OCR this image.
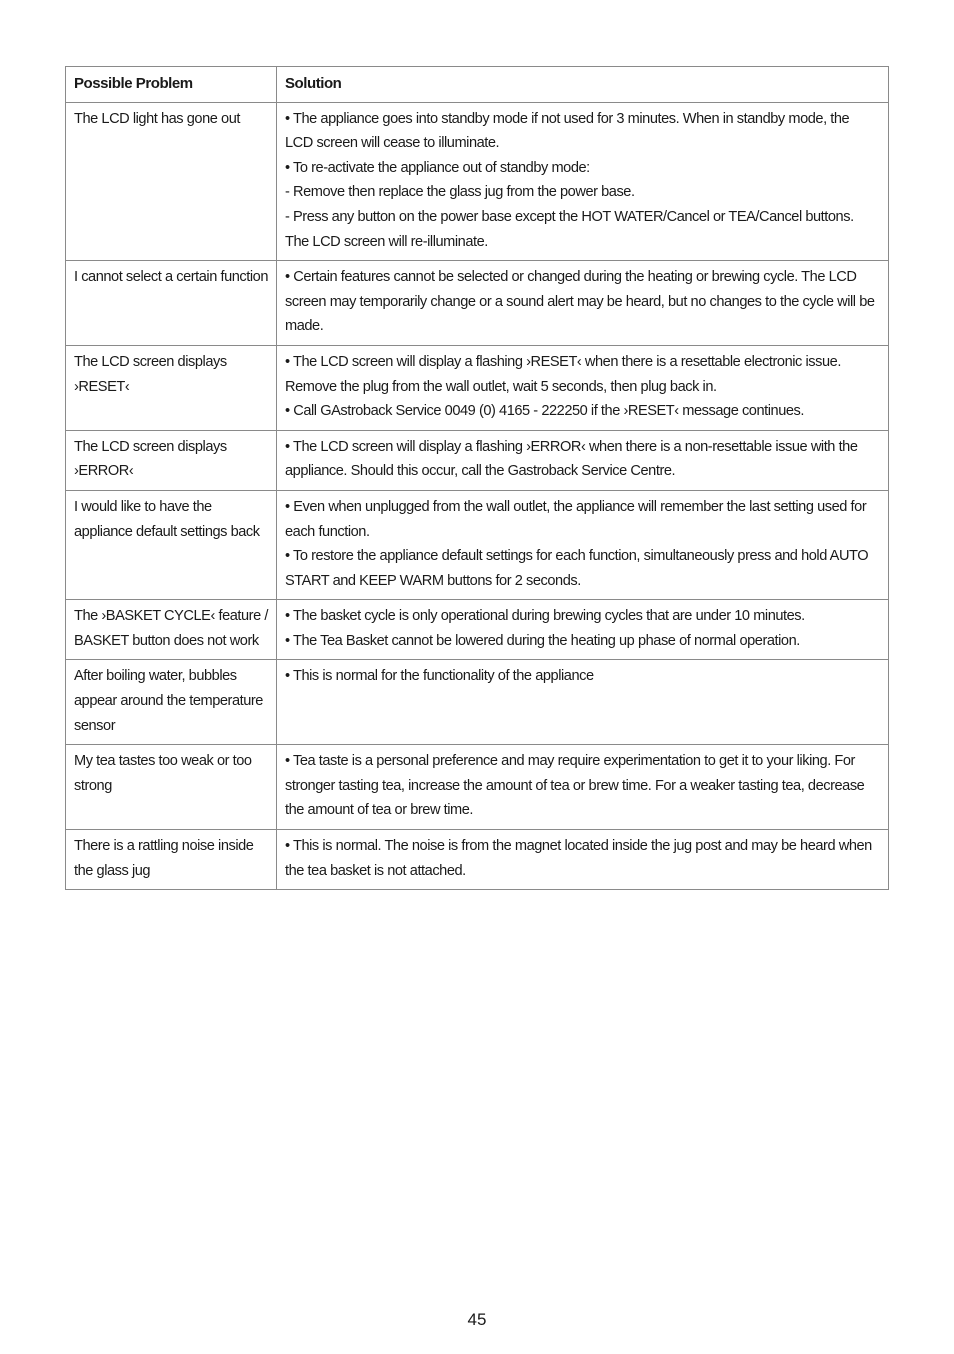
Possible Problem	Solution

The LCD light has gone out	• The appliance goes into standby mode if not used for 3 minutes. When in standby mode, the LCD screen will cease to illuminate.
• To re-activate the appliance out of standby mode:
- Remove then replace the glass jug from the power base.
- Press any button on the power base except the HOT WATER/Cancel or TEA/Cancel buttons. The LCD screen will re-illuminate.

I cannot select a certain function	• Certain features cannot be selected or changed during the heating or brewing cycle. The LCD screen may temporarily change or a sound alert may be heard, but no changes to the cycle will be made.

The LCD screen displays ›RESET‹	• The LCD screen will display a flashing ›RESET‹ when there is a resettable electronic issue. Remove the plug from the wall outlet, wait 5 seconds, then plug back in.
• Call GAstroback Service 0049 (0) 4165 - 222250 if the ›RESET‹ message continues.

The LCD screen displays ›ERROR‹	• The LCD screen will display a flashing ›ERROR‹ when there is a non-resettable issue with the appliance. Should this occur, call the Gastroback Service Centre.

I would like to have the appliance default settings back	• Even when unplugged from the wall outlet, the appliance will remember the last setting used for each function.
• To restore the appliance default settings for each function, simultaneously press and hold AUTO START and KEEP WARM buttons for 2 seconds.

The ›BASKET CYCLE‹ feature / BASKET button does not work	• The basket cycle is only operational during brewing cycles that are under 10 minutes.
• The Tea Basket cannot be lowered during the heating up phase of normal operation.

After boiling water, bubbles appear around the temperature sensor	• This is normal for the functionality of the appliance

My tea tastes too weak or too strong	• Tea taste is a personal preference and may require experimentation to get it to your liking. For stronger tasting tea, increase the amount of tea or brew time. For a weaker tasting tea, decrease the amount of tea or brew time.

There is a rattling noise inside the glass jug	• This is normal. The noise is from the magnet located inside the jug post and may be heard when the tea basket is not attached.
45
